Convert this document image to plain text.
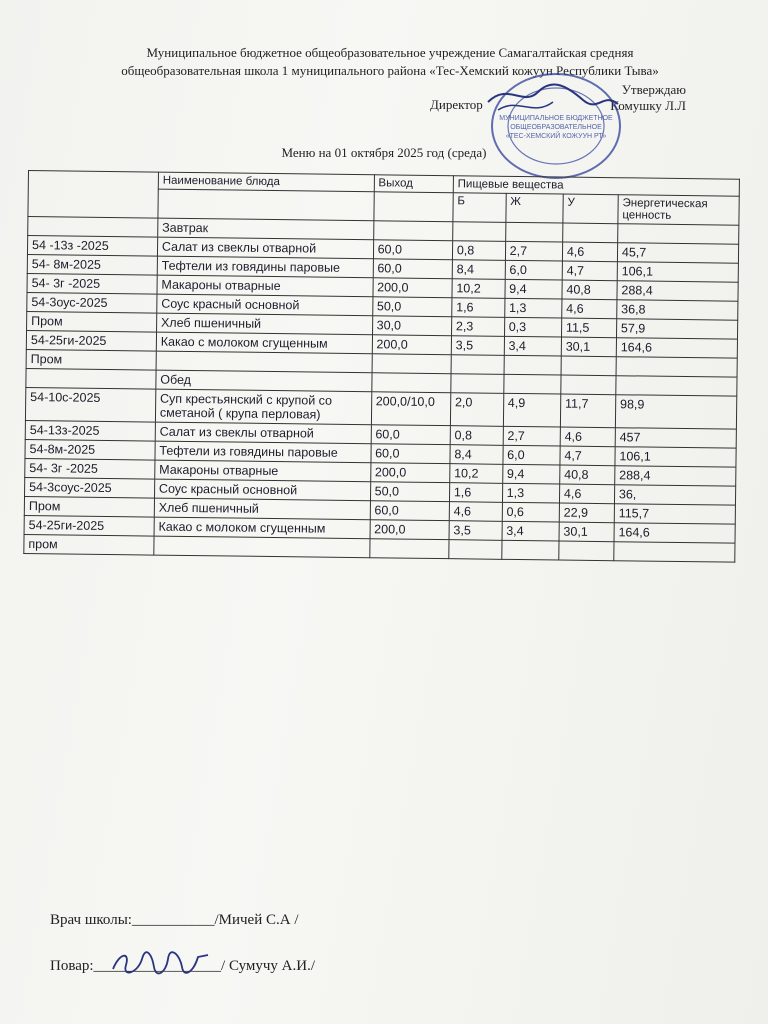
Муниципальное бюджетное общеобразовательное учреждение Самагалтайская средняя
общеобразовательная школа 1 муниципального района «Тес-Хемский кожуун Республики Тыва»
Утверждаю
Комушку Л.Л
Директор
МУНИЦИПАЛЬНОЕ БЮДЖЕТНОЕ
ОБЩЕОБРАЗОВАТЕЛЬНОЕ
«ТЕС-ХЕМСКИЙ КОЖУУН РТ»
Меню на 01 октября 2025 год (среда)
	Наименование блюда	Выход	Пищевые вещества			
			Б	Ж	У	Энергетическая ценность
	Завтрак					
54 -13з -2025	Салат из свеклы отварной	60,0	0,8	2,7	4,6	45,7
54- 8м-2025	Тефтели из говядины паровые	60,0	8,4	6,0	4,7	106,1
54- 3г -2025	Макароны отварные	200,0	10,2	9,4	40,8	288,4
54-3оус-2025	Соус красный основной	50,0	1,6	1,3	4,6	36,8
Пром	Хлеб пшеничный	30,0	2,3	0,3	11,5	57,9
54-25ги-2025	Какао с молоком сгущенным	200,0	3,5	3,4	30,1	164,6
Пром						
	Обед					
54-10с-2025	Суп крестьянский с крупой со сметаной ( крупа перловая)	200,0/10,0	2,0	4,9	11,7	98,9
54-13з-2025	Салат из свеклы отварной	60,0	0,8	2,7	4,6	457
54-8м-2025	Тефтели из говядины паровые	60,0	8,4	6,0	4,7	106,1
54- 3г -2025	Макароны отварные	200,0	10,2	9,4	40,8	288,4
54-3соус-2025	Соус красный основной	50,0	1,6	1,3	4,6	36,
Пром	Хлеб пшеничный	60,0	4,6	0,6	22,9	115,7
54-25ги-2025	Какао с молоком сгущенным	200,0	3,5	3,4	30,1	164,6
пром						
Врач школы:___________/Мичей С.А /
Повар:_________________/ Сумучу А.И./
